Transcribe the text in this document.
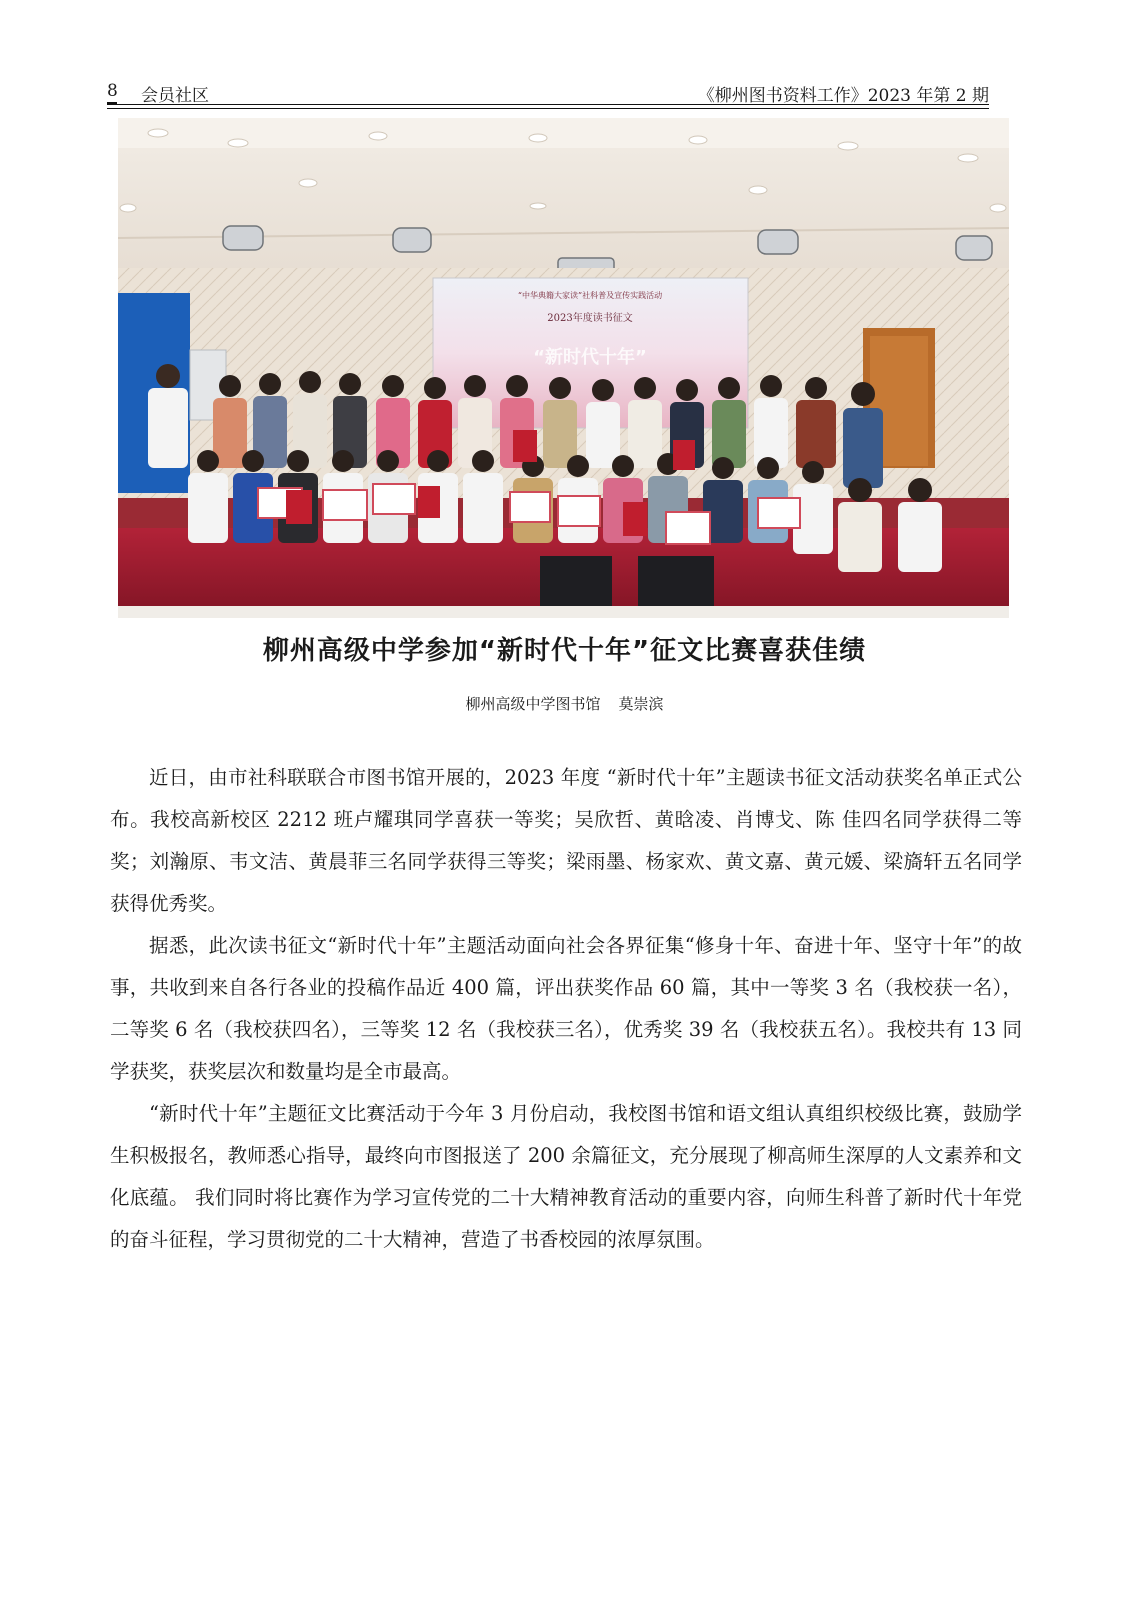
8 会员社区	《柳州图书资料工作》2023 年第 2 期
“中华典籍大家读”社科普及宣传实践活动
2023年度读书征文
“新时代十年”
柳州高级中学参加“新时代十年”征文比赛喜获佳绩
柳州高级中学图书馆 莫崇滨

近日，由市社科联联合市图书馆开展的，2023 年度 “新时代十年”主题读书征文活动获奖名单正式公布。我校高新校区 2212 班卢耀琪同学喜获一等奖；吴欣哲、黄晗凌、肖博戈、陈 佳四名同学获得二等奖；刘瀚原、韦文洁、黄晨菲三名同学获得三等奖；梁雨墨、杨家欢、黄文嘉、黄元媛、梁旖轩五名同学获得优秀奖。

据悉，此次读书征文“新时代十年”主题活动面向社会各界征集“修身十年、奋进十年、坚守十年”的故事，共收到来自各行各业的投稿作品近 400 篇，评出获奖作品 60 篇，其中一等奖 3 名（我校获一名），二等奖 6 名（我校获四名），三等奖 12 名（我校获三名），优秀奖 39 名（我校获五名）。我校共有 13 同学获奖，获奖层次和数量均是全市最高。

“新时代十年”主题征文比赛活动于今年 3 月份启动，我校图书馆和语文组认真组织校级比赛，鼓励学生积极报名，教师悉心指导，最终向市图报送了 200 余篇征文，充分展现了柳高师生深厚的人文素养和文化底蕴。 我们同时将比赛作为学习宣传党的二十大精神教育活动的重要内容，向师生科普了新时代十年党的奋斗征程，学习贯彻党的二十大精神，营造了书香校园的浓厚氛围。
